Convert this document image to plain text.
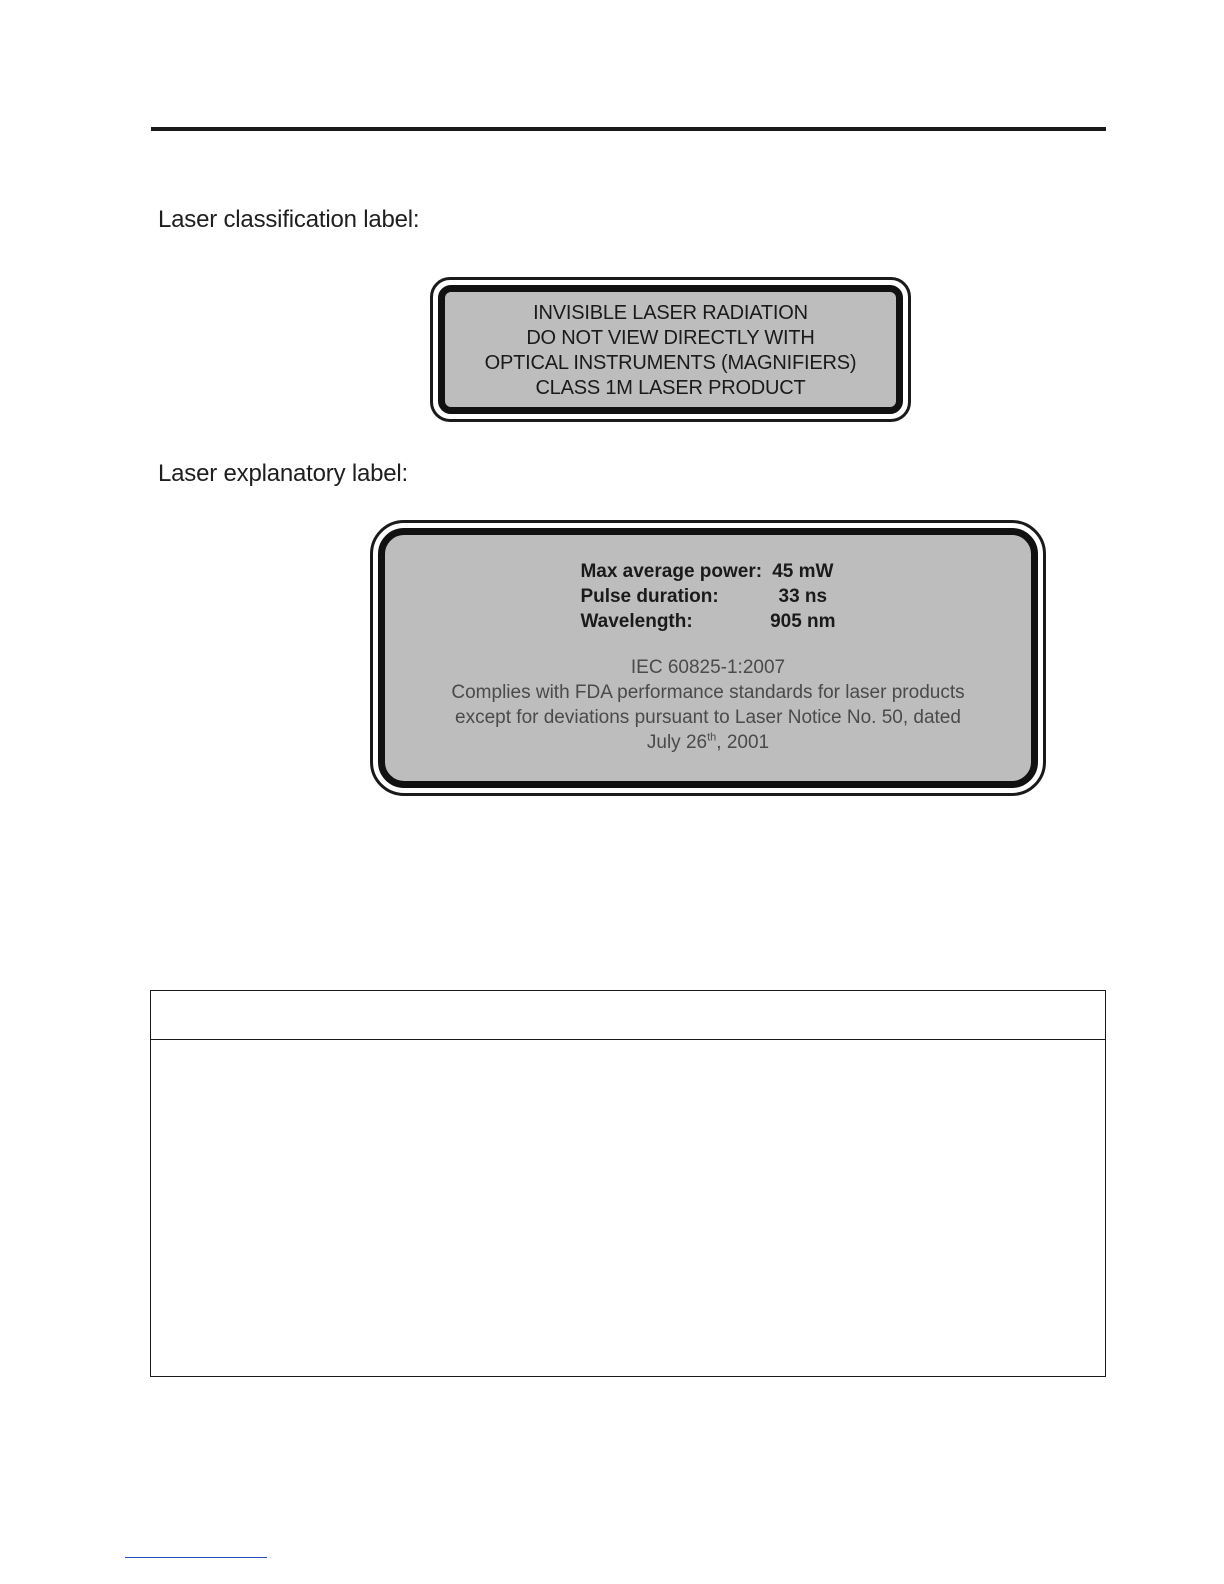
Laser classification label:
INVISIBLE LASER RADIATION
DO NOT VIEW DIRECTLY WITH
OPTICAL INSTRUMENTS (MAGNIFIERS)
CLASS 1M LASER PRODUCT
Laser explanatory label:
Max average power:	45 mW
Pulse duration:	33 ns
Wavelength:	905 nm
IEC 60825-1:2007
Complies with FDA performance standards for laser products
except for deviations pursuant to Laser Notice No. 50, dated
July 26th, 2001
